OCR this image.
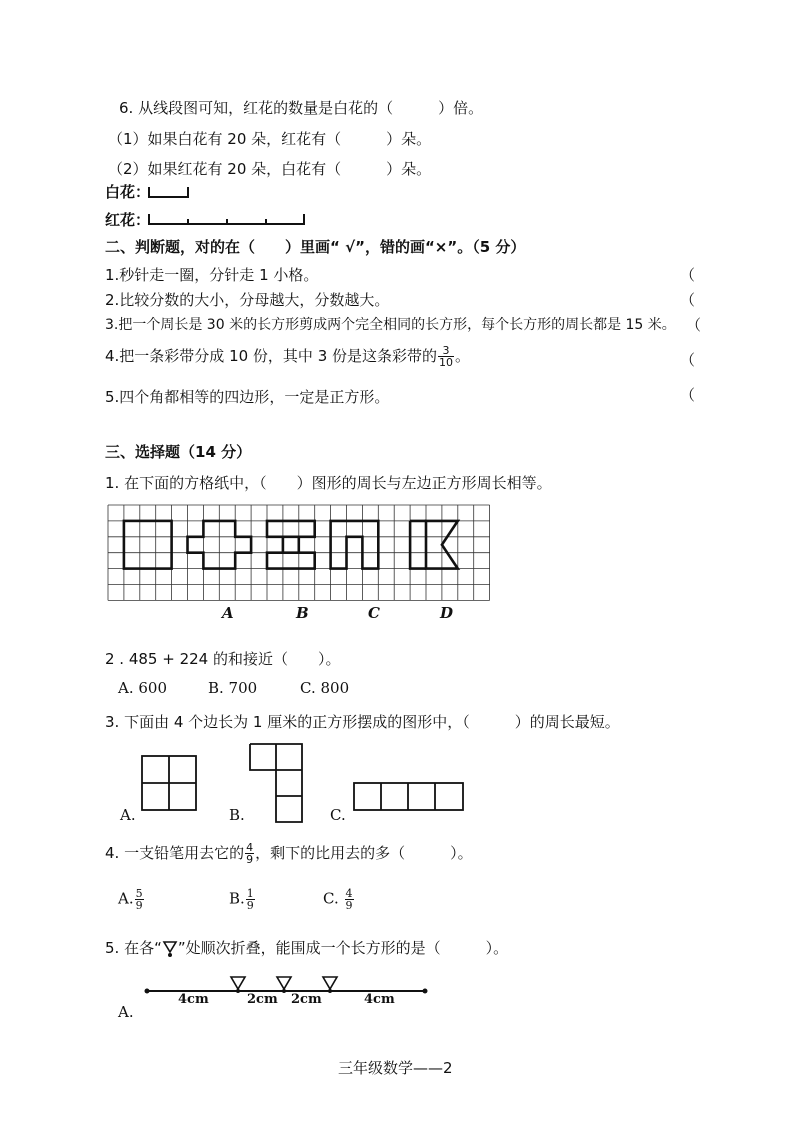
6. 从线段图可知，红花的数量是白花的（　　　）倍。
（1）如果白花有 20 朵，红花有（　　　）朵。
（2）如果红花有 20 朵，白花有（　　　）朵。
白花：
红花：
二、判断题，对的在（　　）里画“ √”，错的画“×”。（5 分）
1.秒针走一圈，分针走 1 小格。	（
2.比较分数的大小，分母越大，分数越大。	（
3.把一个周长是 30 米的长方形剪成两个完全相同的长方形，每个长方形的周长都是 15 米。 （
4.把一条彩带分成 10 份，其中 3 份是这条彩带的 $\frac{3}{10}$ 。	（
5.四个角都相等的四边形，一定是正方形。	（
三、选择题（14 分）
1. 在下面的方格纸中，（　　）图形的周长与左边正方形周长相等。
A	B	C	D
2 . 485 + 224 的和接近（　　）。
A. 600	B. 700	C. 800
3. 下面由 4 个边长为 1 厘米的正方形摆成的图形中，（　　　）的周长最短。
A.	B.	C.
4. 一支铅笔用去它的 $\frac{4}{9}$ ，剩下的比用去的多（　　　）。
A. $\frac{5}{9}$	B. $\frac{1}{9}$	C. $\frac{4}{9}$
5. 在各“ ”处顺次折叠，能围成一个长方形的是（　　　）。
4cm	2cm 2cm	4cm
A.
三年级数学——2
